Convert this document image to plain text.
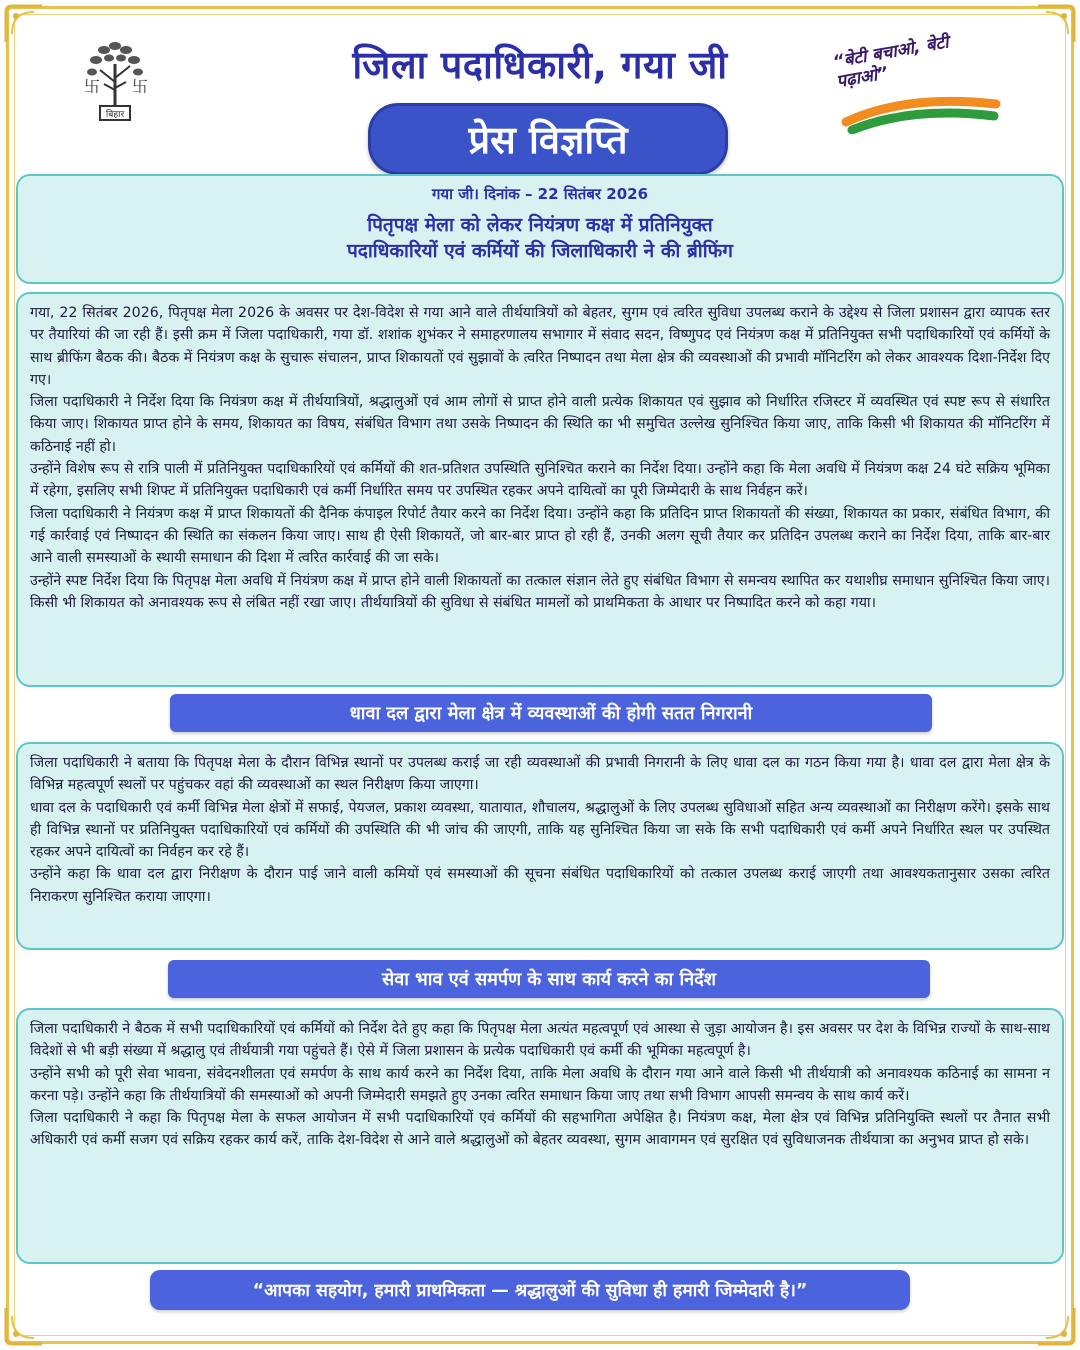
卐 卐
बिहार
जिला पदाधिकारी, गया जी
प्रेस विज्ञप्ति
“बेटी बचाओ, बेटी पढ़ाओ”
गया जी। दिनांक – 22 सितंबर 2026
पितृपक्ष मेला को लेकर नियंत्रण कक्ष में प्रतिनियुक्त
पदाधिकारियों एवं कर्मियों की जिलाधिकारी ने की ब्रीफिंग

गया, 22 सितंबर 2026, पितृपक्ष मेला 2026 के अवसर पर देश-विदेश से गया आने वाले तीर्थयात्रियों को बेहतर, सुगम एवं त्वरित सुविधा उपलब्ध कराने के उद्देश्य से जिला प्रशासन द्वारा व्यापक स्तर पर तैयारियां की जा रही हैं। इसी क्रम में जिला पदाधिकारी, गया डॉ. शशांक शुभंकर ने समाहरणालय सभागार में संवाद सदन, विष्णुपद एवं नियंत्रण कक्ष में प्रतिनियुक्त सभी पदाधिकारियों एवं कर्मियों के साथ ब्रीफिंग बैठक की। बैठक में नियंत्रण कक्ष के सुचारू संचालन, प्राप्त शिकायतों एवं सुझावों के त्वरित निष्पादन तथा मेला क्षेत्र की व्यवस्थाओं की प्रभावी मॉनिटरिंग को लेकर आवश्यक दिशा-निर्देश दिए गए।

जिला पदाधिकारी ने निर्देश दिया कि नियंत्रण कक्ष में तीर्थयात्रियों, श्रद्धालुओं एवं आम लोगों से प्राप्त होने वाली प्रत्येक शिकायत एवं सुझाव को निर्धारित रजिस्टर में व्यवस्थित एवं स्पष्ट रूप से संधारित किया जाए। शिकायत प्राप्त होने के समय, शिकायत का विषय, संबंधित विभाग तथा उसके निष्पादन की स्थिति का भी समुचित उल्लेख सुनिश्चित किया जाए, ताकि किसी भी शिकायत की मॉनिटरिंग में कठिनाई नहीं हो।

उन्होंने विशेष रूप से रात्रि पाली में प्रतिनियुक्त पदाधिकारियों एवं कर्मियों की शत-प्रतिशत उपस्थिति सुनिश्चित कराने का निर्देश दिया। उन्होंने कहा कि मेला अवधि में नियंत्रण कक्ष 24 घंटे सक्रिय भूमिका में रहेगा, इसलिए सभी शिफ्ट में प्रतिनियुक्त पदाधिकारी एवं कर्मी निर्धारित समय पर उपस्थित रहकर अपने दायित्वों का पूरी जिम्मेदारी के साथ निर्वहन करें।

जिला पदाधिकारी ने नियंत्रण कक्ष में प्राप्त शिकायतों की दैनिक कंपाइल रिपोर्ट तैयार करने का निर्देश दिया। उन्होंने कहा कि प्रतिदिन प्राप्त शिकायतों की संख्या, शिकायत का प्रकार, संबंधित विभाग, की गई कार्रवाई एवं निष्पादन की स्थिति का संकलन किया जाए। साथ ही ऐसी शिकायतें, जो बार-बार प्राप्त हो रही हैं, उनकी अलग सूची तैयार कर प्रतिदिन उपलब्ध कराने का निर्देश दिया, ताकि बार-बार आने वाली समस्याओं के स्थायी समाधान की दिशा में त्वरित कार्रवाई की जा सके।

उन्होंने स्पष्ट निर्देश दिया कि पितृपक्ष मेला अवधि में नियंत्रण कक्ष में प्राप्त होने वाली शिकायतों का तत्काल संज्ञान लेते हुए संबंधित विभाग से समन्वय स्थापित कर यथाशीघ्र समाधान सुनिश्चित किया जाए। किसी भी शिकायत को अनावश्यक रूप से लंबित नहीं रखा जाए। तीर्थयात्रियों की सुविधा से संबंधित मामलों को प्राथमिकता के आधार पर निष्पादित करने को कहा गया।

धावा दल द्वारा मेला क्षेत्र में व्यवस्थाओं की होगी सतत निगरानी

जिला पदाधिकारी ने बताया कि पितृपक्ष मेला के दौरान विभिन्न स्थानों पर उपलब्ध कराई जा रही व्यवस्थाओं की प्रभावी निगरानी के लिए धावा दल का गठन किया गया है। धावा दल द्वारा मेला क्षेत्र के विभिन्न महत्वपूर्ण स्थलों पर पहुंचकर वहां की व्यवस्थाओं का स्थल निरीक्षण किया जाएगा।

धावा दल के पदाधिकारी एवं कर्मी विभिन्न मेला क्षेत्रों में सफाई, पेयजल, प्रकाश व्यवस्था, यातायात, शौचालय, श्रद्धालुओं के लिए उपलब्ध सुविधाओं सहित अन्य व्यवस्थाओं का निरीक्षण करेंगे। इसके साथ ही विभिन्न स्थानों पर प्रतिनियुक्त पदाधिकारियों एवं कर्मियों की उपस्थिति की भी जांच की जाएगी, ताकि यह सुनिश्चित किया जा सके कि सभी पदाधिकारी एवं कर्मी अपने निर्धारित स्थल पर उपस्थित रहकर अपने दायित्वों का निर्वहन कर रहे हैं।

उन्होंने कहा कि धावा दल द्वारा निरीक्षण के दौरान पाई जाने वाली कमियों एवं समस्याओं की सूचना संबंधित पदाधिकारियों को तत्काल उपलब्ध कराई जाएगी तथा आवश्यकतानुसार उसका त्वरित निराकरण सुनिश्चित कराया जाएगा।

सेवा भाव एवं समर्पण के साथ कार्य करने का निर्देश

जिला पदाधिकारी ने बैठक में सभी पदाधिकारियों एवं कर्मियों को निर्देश देते हुए कहा कि पितृपक्ष मेला अत्यंत महत्वपूर्ण एवं आस्था से जुड़ा आयोजन है। इस अवसर पर देश के विभिन्न राज्यों के साथ-साथ विदेशों से भी बड़ी संख्या में श्रद्धालु एवं तीर्थयात्री गया पहुंचते हैं। ऐसे में जिला प्रशासन के प्रत्येक पदाधिकारी एवं कर्मी की भूमिका महत्वपूर्ण है।

उन्होंने सभी को पूरी सेवा भावना, संवेदनशीलता एवं समर्पण के साथ कार्य करने का निर्देश दिया, ताकि मेला अवधि के दौरान गया आने वाले किसी भी तीर्थयात्री को अनावश्यक कठिनाई का सामना न करना पड़े। उन्होंने कहा कि तीर्थयात्रियों की समस्याओं को अपनी जिम्मेदारी समझते हुए उनका त्वरित समाधान किया जाए तथा सभी विभाग आपसी समन्वय के साथ कार्य करें।

जिला पदाधिकारी ने कहा कि पितृपक्ष मेला के सफल आयोजन में सभी पदाधिकारियों एवं कर्मियों की सहभागिता अपेक्षित है। नियंत्रण कक्ष, मेला क्षेत्र एवं विभिन्न प्रतिनियुक्ति स्थलों पर तैनात सभी अधिकारी एवं कर्मी सजग एवं सक्रिय रहकर कार्य करें, ताकि देश-विदेश से आने वाले श्रद्धालुओं को बेहतर व्यवस्था, सुगम आवागमन एवं सुरक्षित एवं सुविधाजनक तीर्थयात्रा का अनुभव प्राप्त हो सके।

“आपका सहयोग, हमारी प्राथमिकता — श्रद्धालुओं की सुविधा ही हमारी जिम्मेदारी है।”
